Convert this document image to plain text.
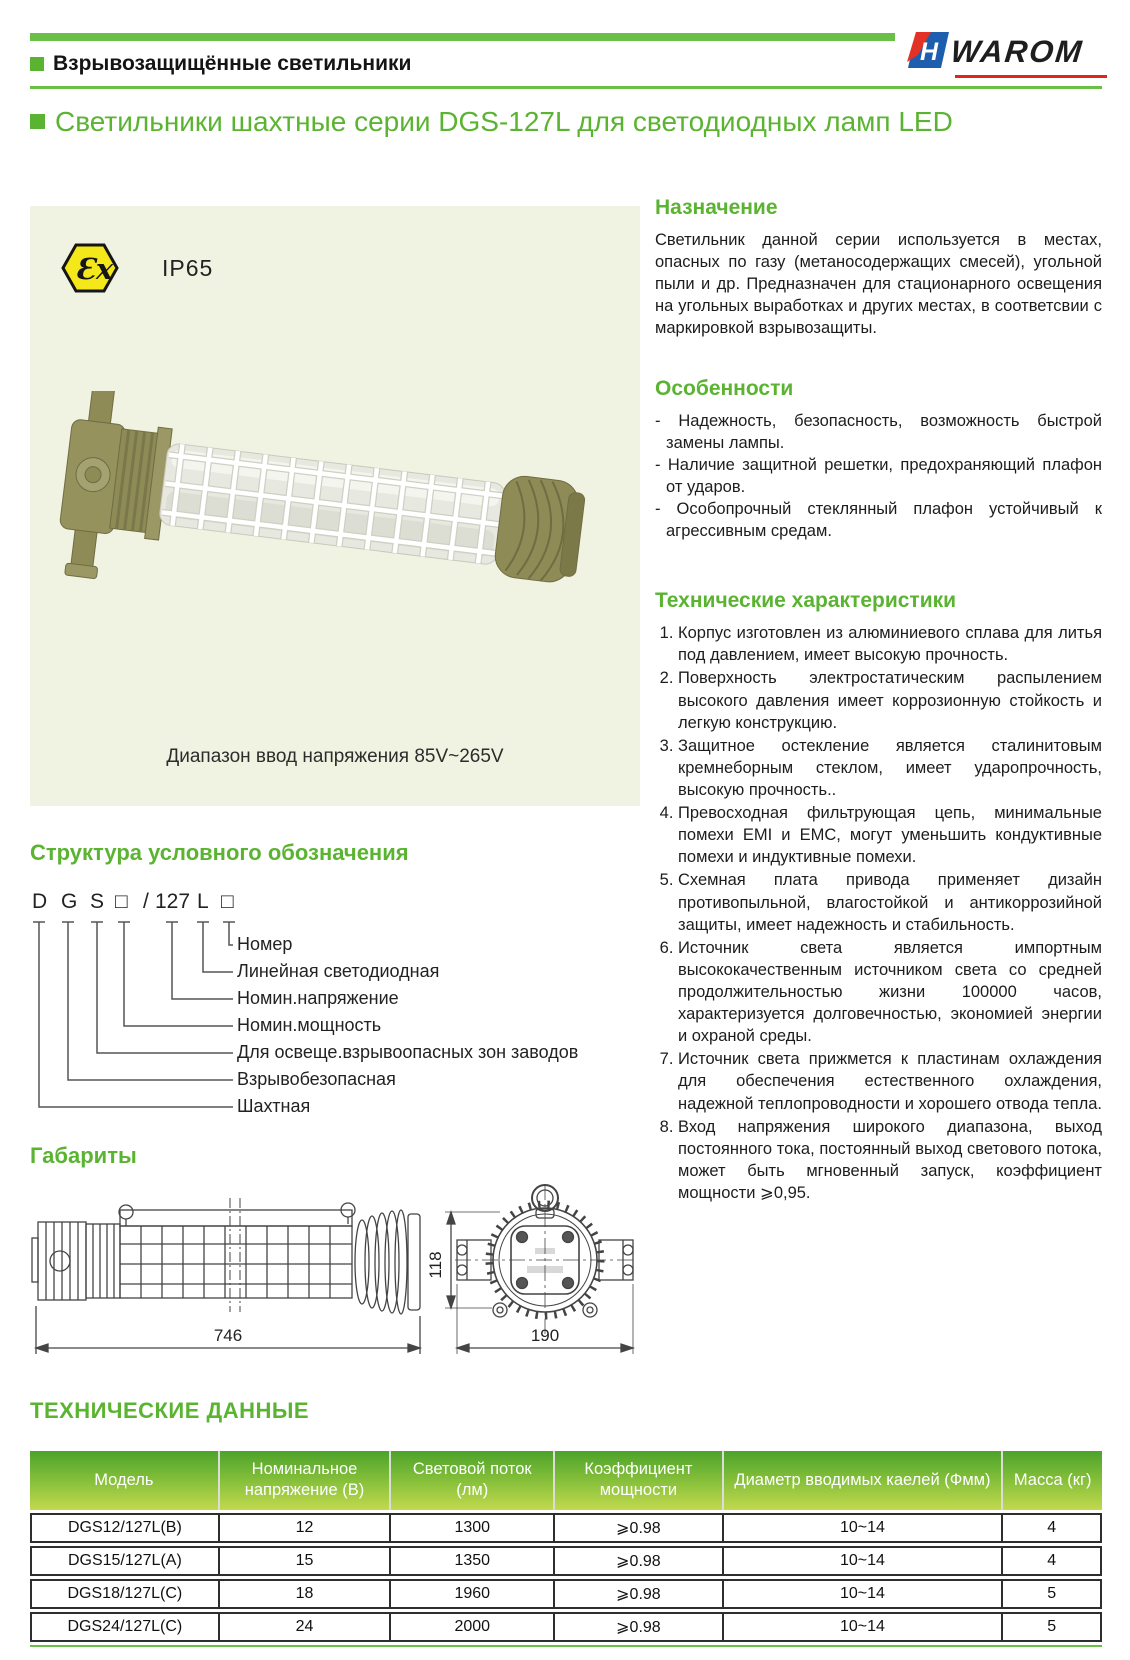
Взрывозащищённые светильники	H WAROM
Светильники шахтные серии DGS-127L для светодиодных ламп LED
Ɛx IP65
Диапазон ввод напряжения 85V~265V
Назначение

Светильник данной серии используется в местах, опасных по газу (метаносодержащих смесей), угольной пыли и др. Предназначен для стационарного освещения на угольных выработках и других местах, в соответсвии с маркировкой взрывозащиты.

Особенности
- Надежность, безопасность, возможность быстрой замены лампы.
- Наличие защитной решетки, предохраняющий плафон от ударов.
- Особопрочный стеклянный плафон устойчивый к агрессивным средам.
Технические характеристики
1. Корпус изготовлен из алюминиевого сплава для литья под давлением, имеет высокую прочность.
2. Поверхность электростатическим распылением высокого давления имеет коррозионную стойкость и легкую конструкцию.
3. Защитное остекление является сталинитовым кремнеборным стеклом, имеет ударопрочность, высокую прочность..
4. Превосходная фильтрующая цепь, минимальные помехи EMI и EMC, могут уменьшить кондуктивные помехи и индуктивные помехи.
5. Схемная плата привода применяет дизайн противопыльной, влагостойкой и антикоррозийной защиты, имеет надежность и стабильность.
6. Источник света является импортным высококачественным источником света со средней продолжительностью жизни 100000 часов, характеризуется долговечностью, экономией энергии и охраной среды.
7. Источник света прижмется к пластинам охлаждения для обеспечения естественного охлаждения, надежной теплопроводности и хорошего отвода тепла.
8. Вход напряжения широкого диапазона, выход постоянного тока, постоянный выход светового потока, может быть мгновенный запуск, коэффициент мощности ⩾0,95.
Структура условного обозначения
D G S □ / 127 L □
Номер
Линейная светодиодная
Номин.напряжение
Номин.мощность
Для освеще.взрывоопасных зон заводов
Взрывобезопасная
Шахтная
Габариты
746
118
190
ТЕХНИЧЕСКИЕ ДАННЫЕ
Модель	Номинальное напряжение (В)	Световой поток (лм)	Коэффициент мощности	Диаметр вводимых каелей (Фмм)	Масса (кг)
DGS12/127L(B)	12	1300	⩾0.98	10~14	4
DGS15/127L(A)	15	1350	⩾0.98	10~14	4
DGS18/127L(C)	18	1960	⩾0.98	10~14	5
DGS24/127L(C)	24	2000	⩾0.98	10~14	5
